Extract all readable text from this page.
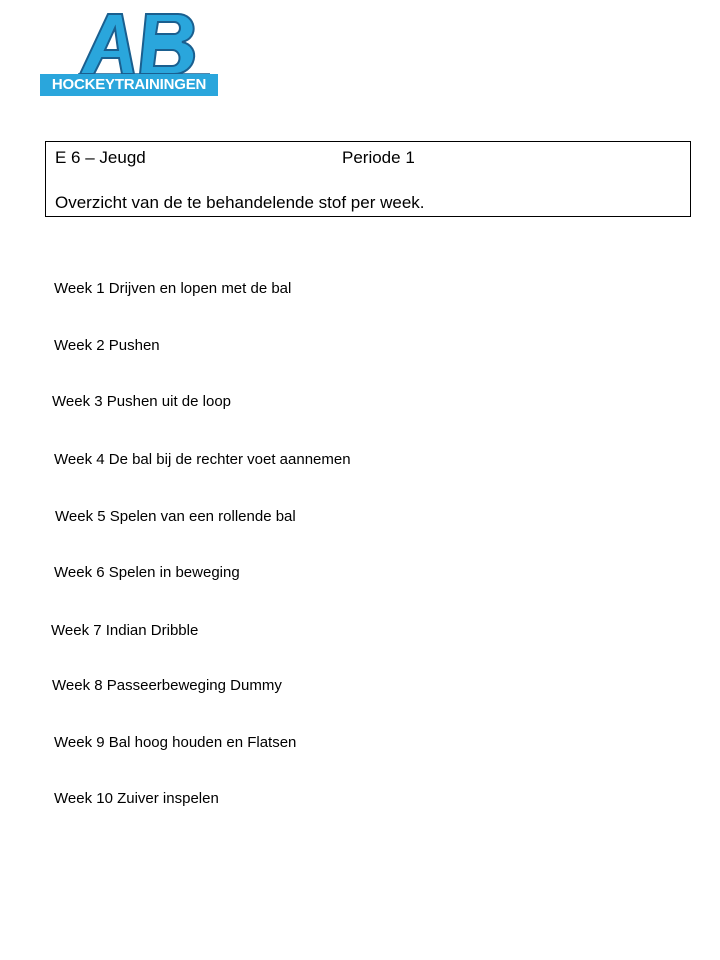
HOCKEYTRAININGEN
E 6 – Jeugd	Periode 1
Overzicht van de te behandelende stof per week.
Week 1 Drijven en lopen met de bal
Week 2 Pushen
Week 3 Pushen uit de loop
Week 4 De bal bij de rechter voet aannemen
Week 5 Spelen van een rollende bal
Week 6 Spelen in beweging
Week 7 Indian Dribble
Week 8 Passeerbeweging Dummy
Week 9 Bal hoog houden en Flatsen
Week 10 Zuiver inspelen
